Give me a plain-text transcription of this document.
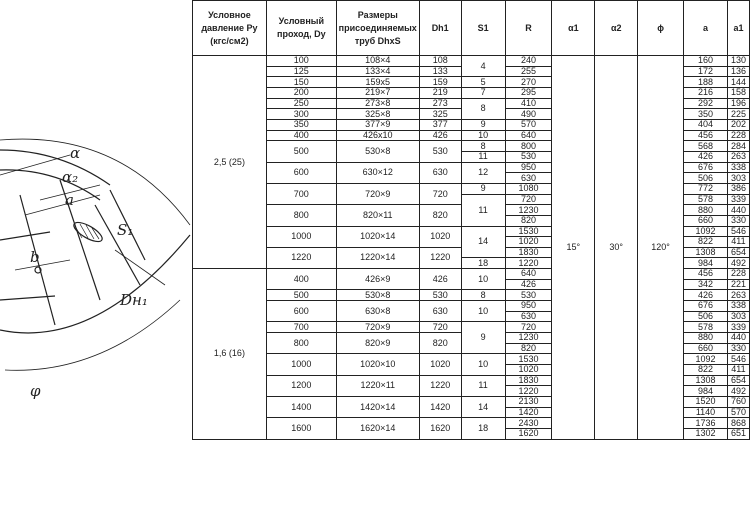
α
α₂
a
S₁
b
Dн₁
φ
Условное давление Ру (кгс/см2)	Условный проход, Dy	Размеры присоединяемых труб DhxS	Dh1	S1	R	α1	α2	ϕ	a	a1
2,5 (25)	100	108×4	108	4	240	15°	30°	120°	160	130
	125	133×4	133		255				172	136
	150	159х5	159	5	270				188	144
	200	219×7	219	7	295				216	158
	250	273×8	273	8	410				292	196
	300	325×8	325		490				350	225
	350	377×9	377	9	570				404	202
	400	426х10	426	10	640				456	228
	500	530×8	530	8	800				568	284
				11	530				426	263
	600	630×12	630	12	950				676	338
					630				506	303
	700	720×9	720	9	1080				772	386
				11	720				578	339
	800	820×11	820		1230				880	440
					820				660	330
	1000	1020×14	1020	14	1530				1092	546
					1020				822	411
	1220	1220×14	1220		1830				1308	654
				18	1220				984	492
1,6 (16)	400	426×9	426	10	640				456	228
					426				342	221
	500	530×8	530	8	530				426	263
	600	630×8	630	10	950				676	338
					630				506	303
	700	720×9	720	9	720				578	339
	800	820×9	820		1230				880	440
					820				660	330
	1000	1020×10	1020	10	1530				1092	546
					1020				822	411
	1200	1220×11	1220	11	1830				1308	654
					1220				984	492
	1400	1420×14	1420	14	2130				1520	760
					1420				1140	570
	1600	1620×14	1620	18	2430				1736	868
					1620				1302	651
